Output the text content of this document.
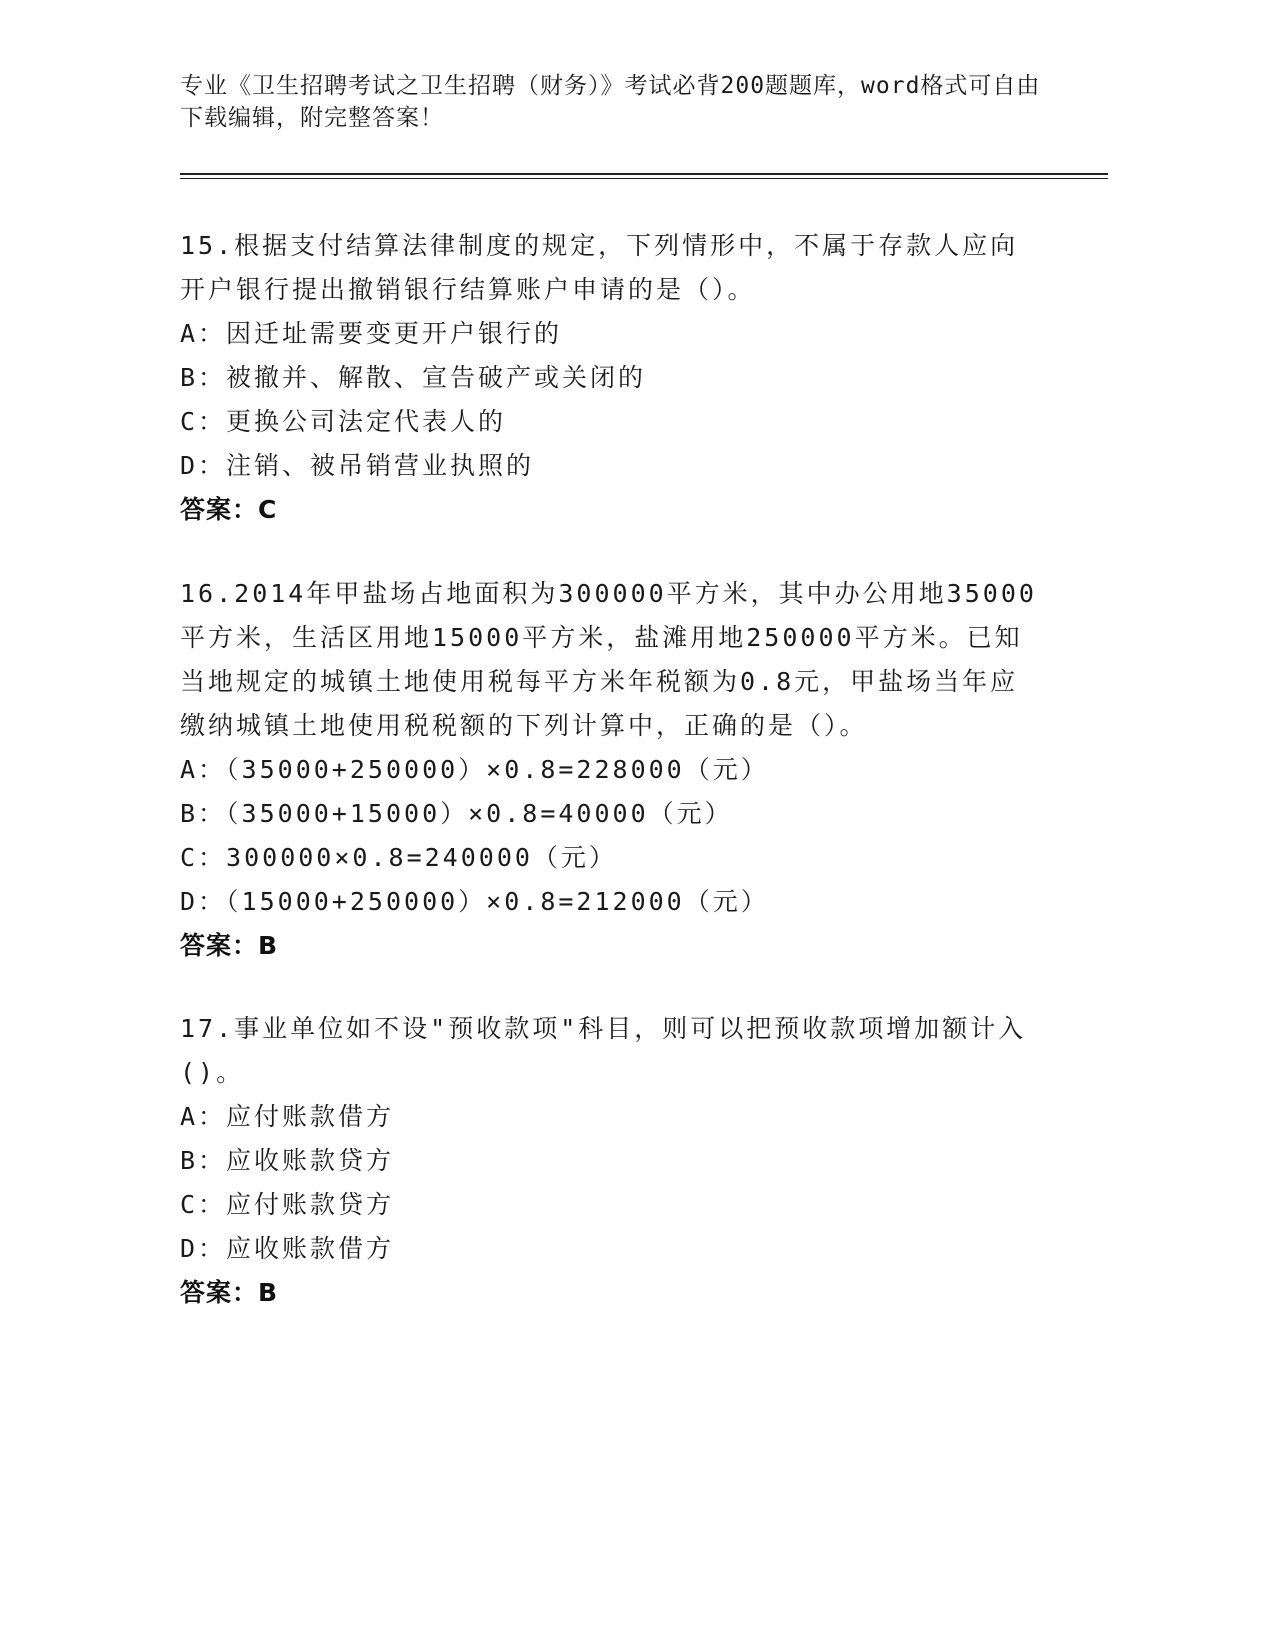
专业《卫生招聘考试之卫生招聘（财务）》考试必背200题题库，word格式可自由下载编辑，附完整答案！

15.根据支付结算法律制度的规定，下列情形中，不属于存款人应向开户银行提出撤销银行结算账户申请的是（）。

A：因迁址需要变更开户银行的

B：被撤并、解散、宣告破产或关闭的

C：更换公司法定代表人的

D：注销、被吊销营业执照的

答案：C

16.2014年甲盐场占地面积为300000平方米，其中办公用地35000平方米，生活区用地15000平方米，盐滩用地250000平方米。已知当地规定的城镇土地使用税每平方米年税额为0.8元，甲盐场当年应缴纳城镇土地使用税税额的下列计算中，正确的是（）。

A：（35000+250000）×0.8=228000（元）

B：（35000+15000）×0.8=40000（元）

C：300000×0.8=240000（元）

D：（15000+250000）×0.8=212000（元）

答案：B

17.事业单位如不设"预收款项"科目，则可以把预收款项增加额计入()。

A：应付账款借方

B：应收账款贷方

C：应付账款贷方

D：应收账款借方

答案：B
